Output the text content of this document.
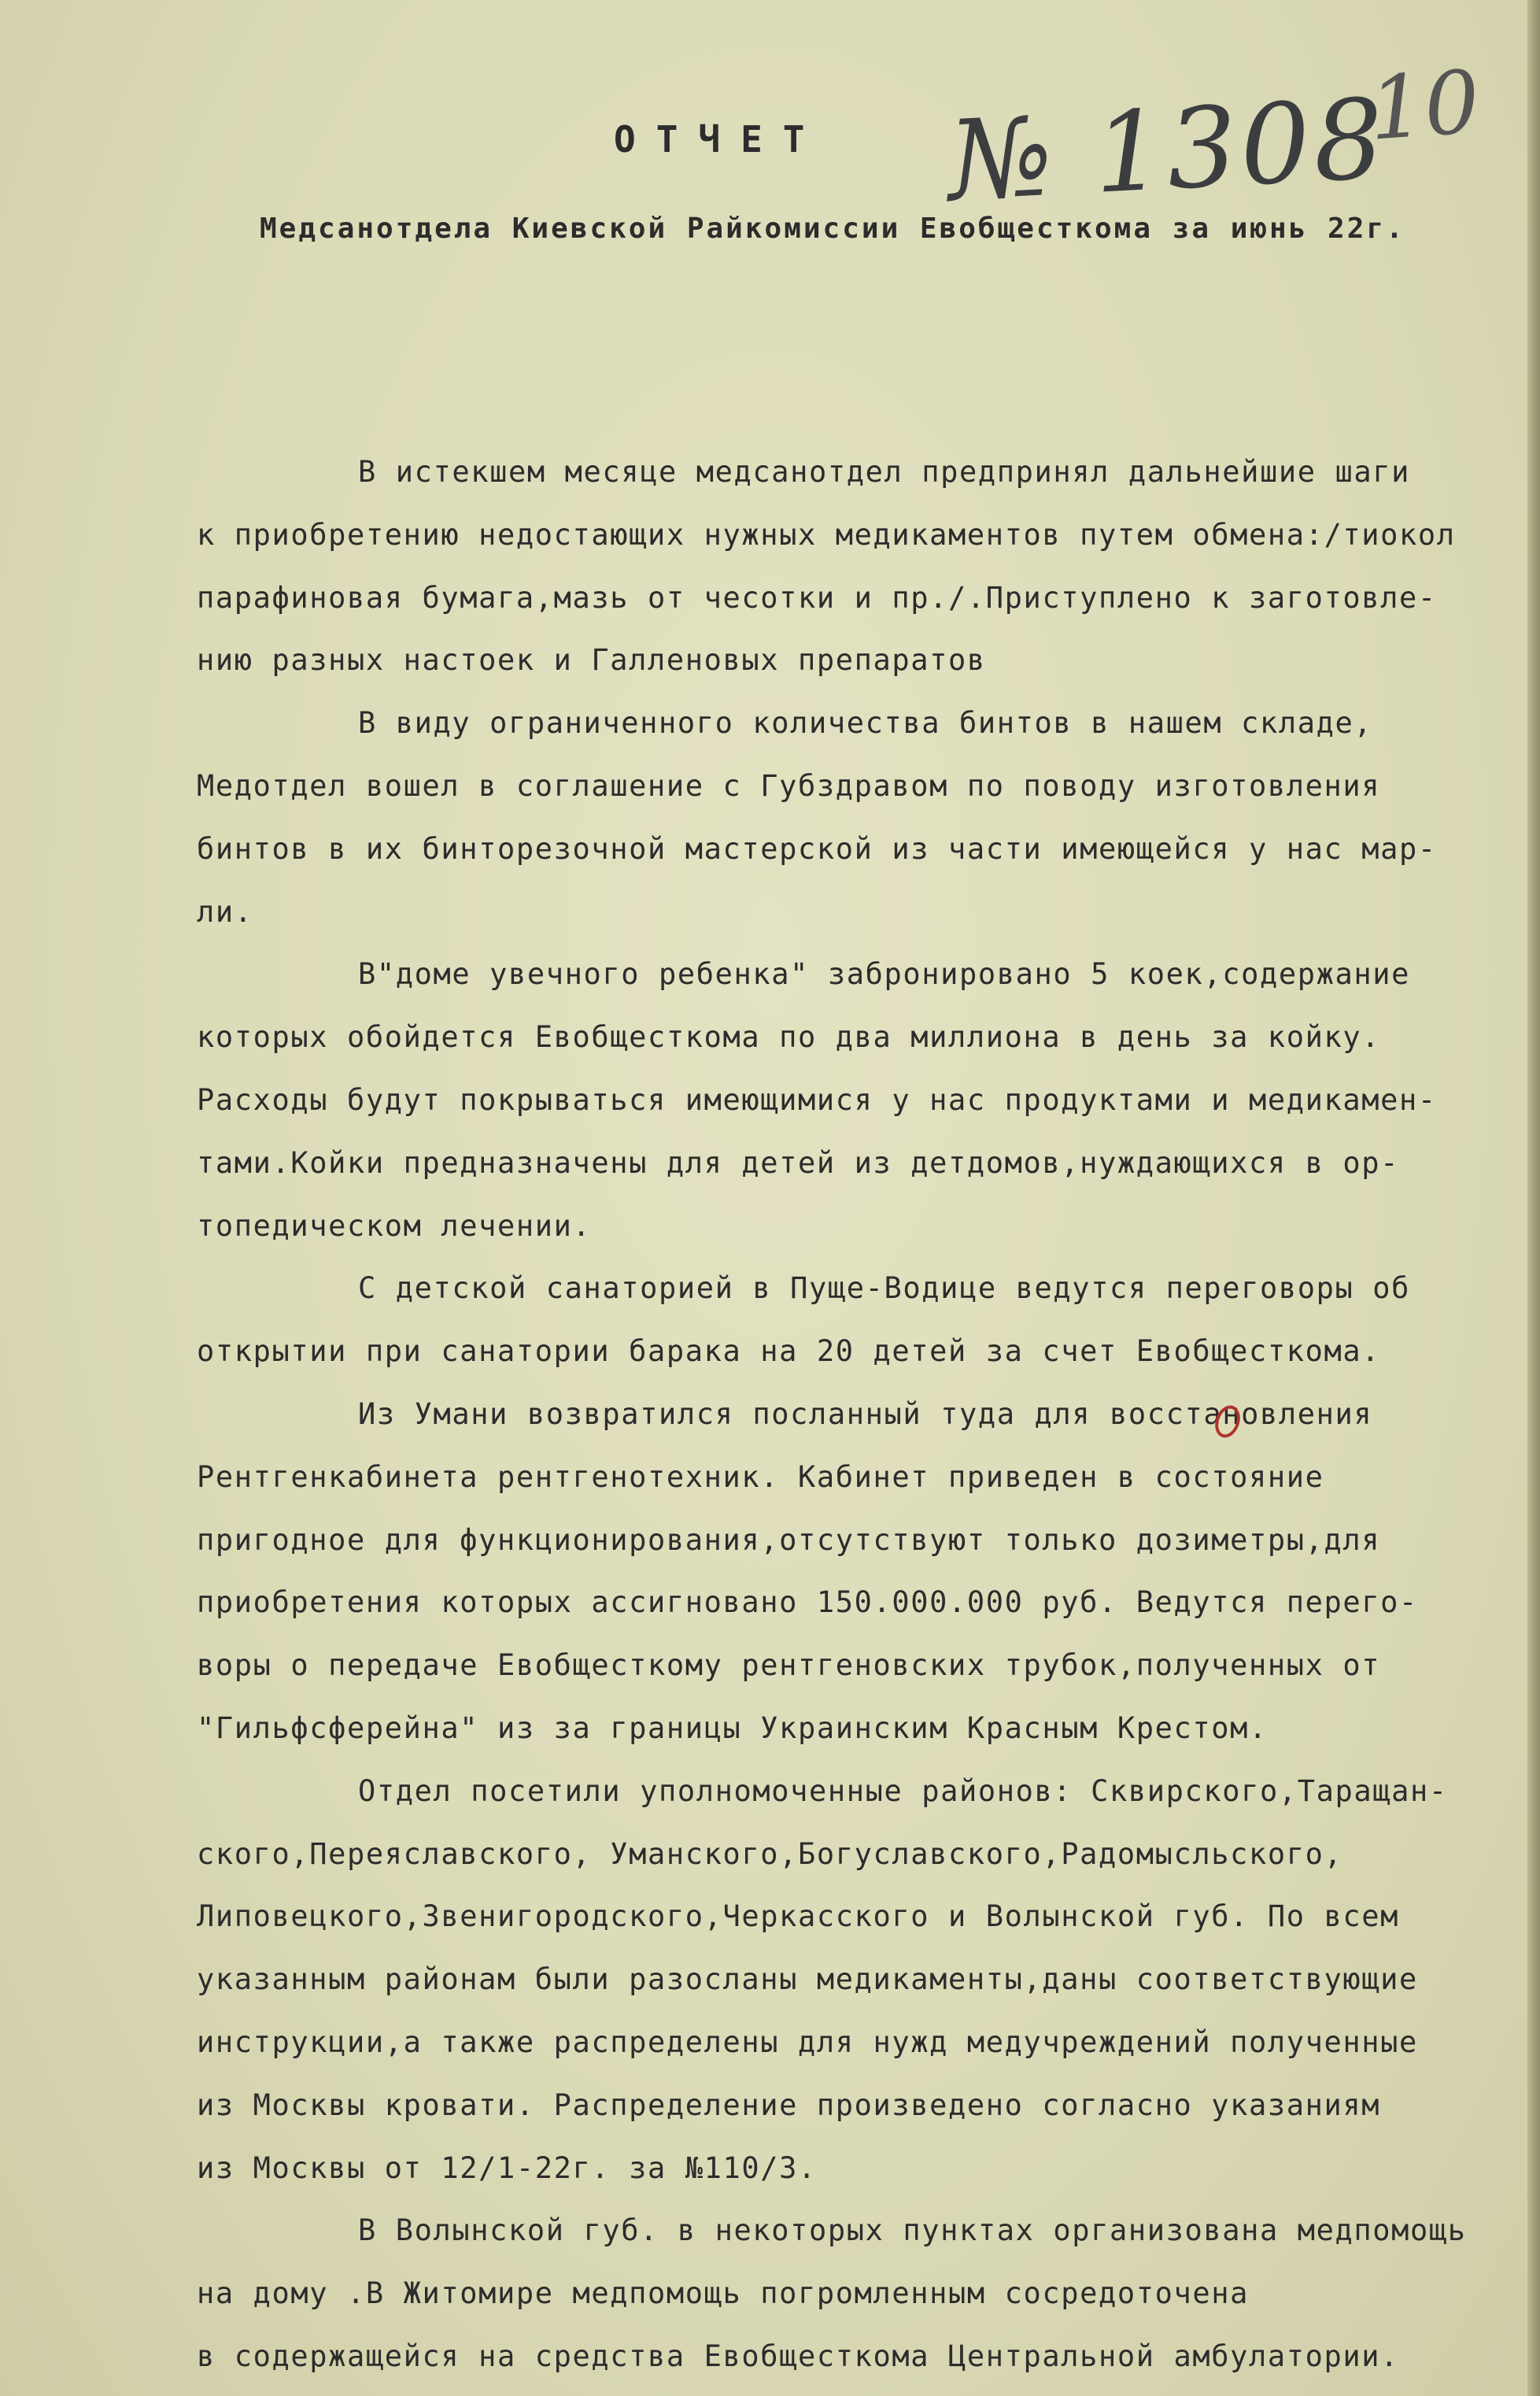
ОТЧЕТ № 1308
10
Медсанотдела Киевской Райкомиссии Евобщесткома за июнь 22г.
В истекшем месяце медсанотдел предпринял дальнейшие шаги
к приобретению недостающих нужных медикаментов путем обмена:/тиокол
парафиновая бумага,мазь от чесотки и пр./.Приступлено к заготовле-
нию разных настоек и Галленовых препаратов
В виду ограниченного количества бинтов в нашем складе,
Медотдел вошел в соглашение с Губздравом по поводу изготовления
бинтов в их бинторезочной мастерской из части имеющейся у нас мар-
ли.
В"доме увечного ребенка" забронировано 5 коек,содержание
которых обойдется Евобщесткома по два миллиона в день за койку.
Расходы будут покрываться имеющимися у нас продуктами и медикамен-
тами.Койки предназначены для детей из детдомов,нуждающихся в ор-
топедическом лечении.
С детской санаторией в Пуще-Водице ведутся переговоры об
открытии при санатории барака на 20 детей за счет Евобщесткома.
Из Умани возвратился посланный туда для восстановления
Рентгенкабинета рентгенотехник. Кабинет приведен в состояние
пригодное для функционирования,отсутствуют только дозиметры,для
приобретения которых ассигновано 150.000.000 руб. Ведутся перего-
воры о передаче Евобщесткому рентгеновских трубок,полученных от
"Гильфсферейна" из за границы Украинским Красным Крестом.
Отдел посетили уполномоченные районов: Сквирского,Таращан-
ского,Переяславского, Уманского,Богуславского,Радомысльского,
Липовецкого,Звенигородского,Черкасского и Волынской губ. По всем
указанным районам были разосланы медикаменты,даны соответствующие
инструкции,а также распределены для нужд медучреждений полученные
из Москвы кровати. Распределение произведено согласно указаниям
из Москвы от 12/1-22г. за №110/3.
В Волынской губ. в некоторых пунктах организована медпомощь
на дому .В Житомире медпомощь погромленным сосредоточена
в содержащейся на средства Евобщесткома Центральной амбулатории.
